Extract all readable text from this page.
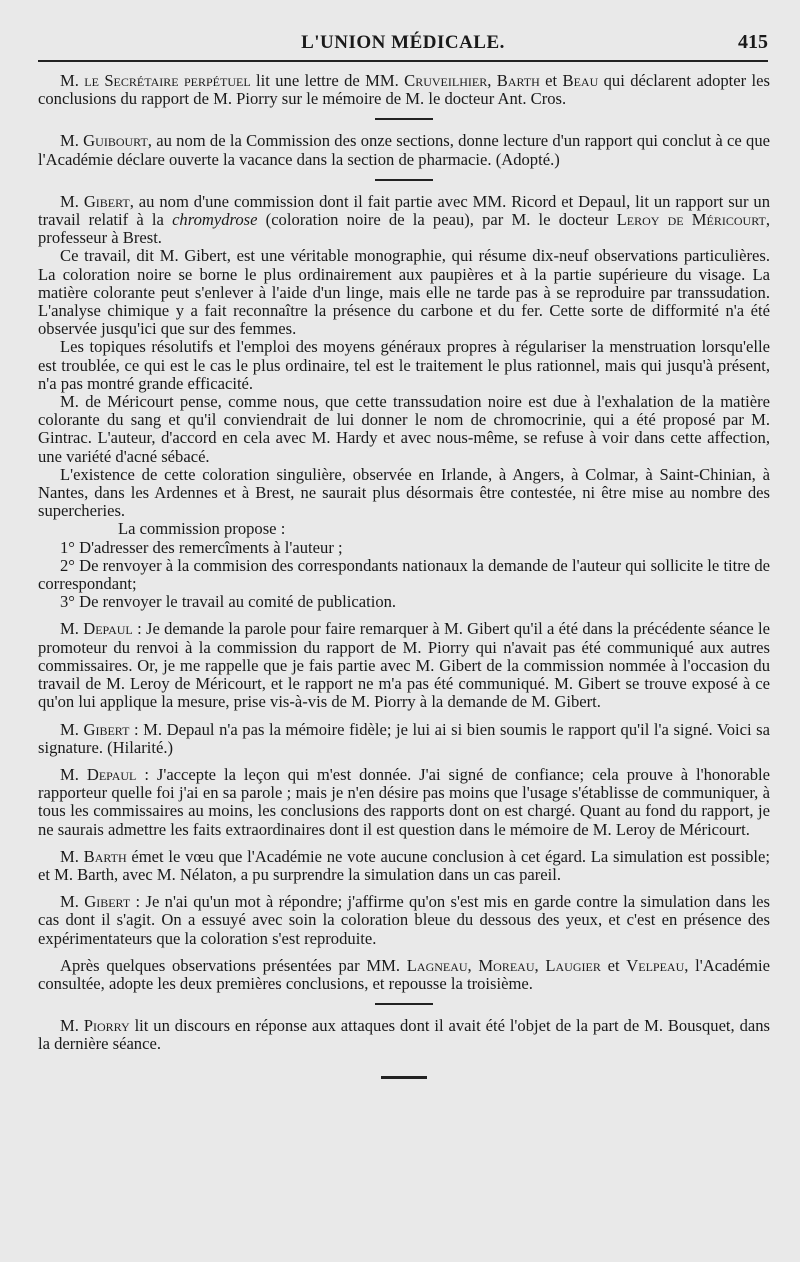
L'UNION MÉDICALE.	415

M. le Secrétaire perpétuel lit une lettre de MM. Cruveilhier, Barth et Beau qui déclarent adopter les conclusions du rapport de M. Piorry sur le mémoire de M. le docteur Ant. Cros.

M. Guibourt, au nom de la Commission des onze sections, donne lecture d'un rapport qui conclut à ce que l'Académie déclare ouverte la vacance dans la section de pharmacie. (Adopté.)

M. Gibert, au nom d'une commission dont il fait partie avec MM. Ricord et Depaul, lit un rapport sur un travail relatif à la chromydrose (coloration noire de la peau), par M. le docteur Leroy de Méricourt, professeur à Brest.

Ce travail, dit M. Gibert, est une véritable monographie, qui résume dix-neuf observations particulières. La coloration noire se borne le plus ordinairement aux paupières et à la partie supérieure du visage. La matière colorante peut s'enlever à l'aide d'un linge, mais elle ne tarde pas à se reproduire par transsudation. L'analyse chimique y a fait reconnaître la présence du carbone et du fer. Cette sorte de difformité n'a été observée jusqu'ici que sur des femmes.

Les topiques résolutifs et l'emploi des moyens généraux propres à régulariser la menstruation lorsqu'elle est troublée, ce qui est le cas le plus ordinaire, tel est le traitement le plus rationnel, mais qui jusqu'à présent, n'a pas montré grande efficacité.

M. de Méricourt pense, comme nous, que cette transsudation noire est due à l'exhalation de la matière colorante du sang et qu'il conviendrait de lui donner le nom de chromocrinie, qui a été proposé par M. Gintrac. L'auteur, d'accord en cela avec M. Hardy et avec nous-même, se refuse à voir dans cette affection, une variété d'acné sébacé.

L'existence de cette coloration singulière, observée en Irlande, à Angers, à Colmar, à Saint-Chinian, à Nantes, dans les Ardennes et à Brest, ne saurait plus désormais être contestée, ni être mise au nombre des supercheries.

La commission propose :

1° D'adresser des remercîments à l'auteur ;

2° De renvoyer à la commision des correspondants nationaux la demande de l'auteur qui sollicite le titre de correspondant;

3° De renvoyer le travail au comité de publication.

M. Depaul : Je demande la parole pour faire remarquer à M. Gibert qu'il a été dans la précédente séance le promoteur du renvoi à la commission du rapport de M. Piorry qui n'avait pas été communiqué aux autres commissaires. Or, je me rappelle que je fais partie avec M. Gibert de la commission nommée à l'occasion du travail de M. Leroy de Méricourt, et le rapport ne m'a pas été communiqué. M. Gibert se trouve exposé à ce qu'on lui applique la mesure, prise vis-à-vis de M. Piorry à la demande de M. Gibert.

M. Gibert : M. Depaul n'a pas la mémoire fidèle; je lui ai si bien soumis le rapport qu'il l'a signé. Voici sa signature. (Hilarité.)

M. Depaul : J'accepte la leçon qui m'est donnée. J'ai signé de confiance; cela prouve à l'honorable rapporteur quelle foi j'ai en sa parole ; mais je n'en désire pas moins que l'usage s'établisse de communiquer, à tous les commissaires au moins, les conclusions des rapports dont on est chargé. Quant au fond du rapport, je ne saurais admettre les faits extraordinaires dont il est question dans le mémoire de M. Leroy de Méricourt.

M. Barth émet le vœu que l'Académie ne vote aucune conclusion à cet égard. La simulation est possible; et M. Barth, avec M. Nélaton, a pu surprendre la simulation dans un cas pareil.

M. Gibert : Je n'ai qu'un mot à répondre; j'affirme qu'on s'est mis en garde contre la simulation dans les cas dont il s'agit. On a essuyé avec soin la coloration bleue du dessous des yeux, et c'est en présence des expérimentateurs que la coloration s'est reproduite.

Après quelques observations présentées par MM. Lagneau, Moreau, Laugier et Velpeau, l'Académie consultée, adopte les deux premières conclusions, et repousse la troisième.

M. Piorry lit un discours en réponse aux attaques dont il avait été l'objet de la part de M. Bousquet, dans la dernière séance.
